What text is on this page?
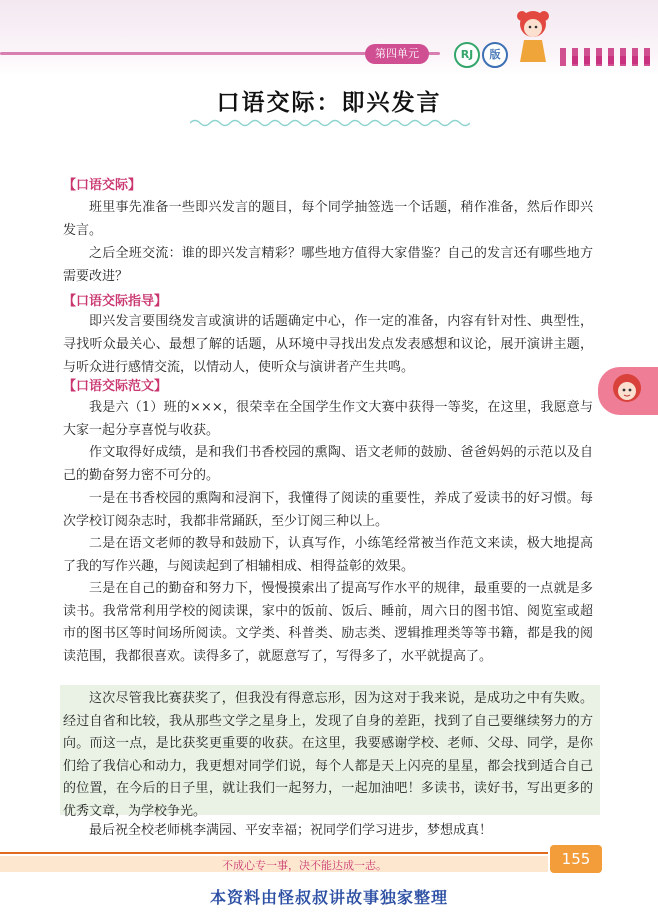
第四单元	RJ	版
口语交际：即兴发言
【口语交际】

班里事先准备一些即兴发言的题目，每个同学抽签选一个话题，稍作准备，然后作即兴发言。

之后全班交流：谁的即兴发言精彩？哪些地方值得大家借鉴？自己的发言还有哪些地方需要改进？

【口语交际指导】

即兴发言要围绕发言或演讲的话题确定中心，作一定的准备，内容有针对性、典型性，寻找听众最关心、最想了解的话题，从环境中寻找出发点发表感想和议论，展开演讲主题，与听众进行感情交流，以情动人，使听众与演讲者产生共鸣。

【口语交际范文】

我是六（1）班的×××，很荣幸在全国学生作文大赛中获得一等奖，在这里，我愿意与大家一起分享喜悦与收获。

作文取得好成绩，是和我们书香校园的熏陶、语文老师的鼓励、爸爸妈妈的示范以及自己的勤奋努力密不可分的。

一是在书香校园的熏陶和浸润下，我懂得了阅读的重要性，养成了爱读书的好习惯。每次学校订阅杂志时，我都非常踊跃，至少订阅三种以上。

二是在语文老师的教导和鼓励下，认真写作，小练笔经常被当作范文来读，极大地提高了我的写作兴趣，与阅读起到了相辅相成、相得益彰的效果。

三是在自己的勤奋和努力下，慢慢摸索出了提高写作水平的规律，最重要的一点就是多读书。我常常利用学校的阅读课，家中的饭前、饭后、睡前，周六日的图书馆、阅览室或超市的图书区等时间场所阅读。文学类、科普类、励志类、逻辑推理类等等书籍，都是我的阅读范围，我都很喜欢。读得多了，就愿意写了，写得多了，水平就提高了。

这次尽管我比赛获奖了，但我没有得意忘形，因为这对于我来说，是成功之中有失败。经过自省和比较，我从那些文学之星身上，发现了自身的差距，找到了自己要继续努力的方向。而这一点，是比获奖更重要的收获。在这里，我要感谢学校、老师、父母、同学，是你们给了我信心和动力，我更想对同学们说，每个人都是天上闪亮的星星，都会找到适合自己的位置，在今后的日子里，就让我们一起努力，一起加油吧！多读书，读好书，写出更多的优秀文章，为学校争光。

最后祝全校老师桃李满园、平安幸福；祝同学们学习进步，梦想成真！

不成心专一事，决不能达成一志。	155
本资料由怪叔叔讲故事独家整理
